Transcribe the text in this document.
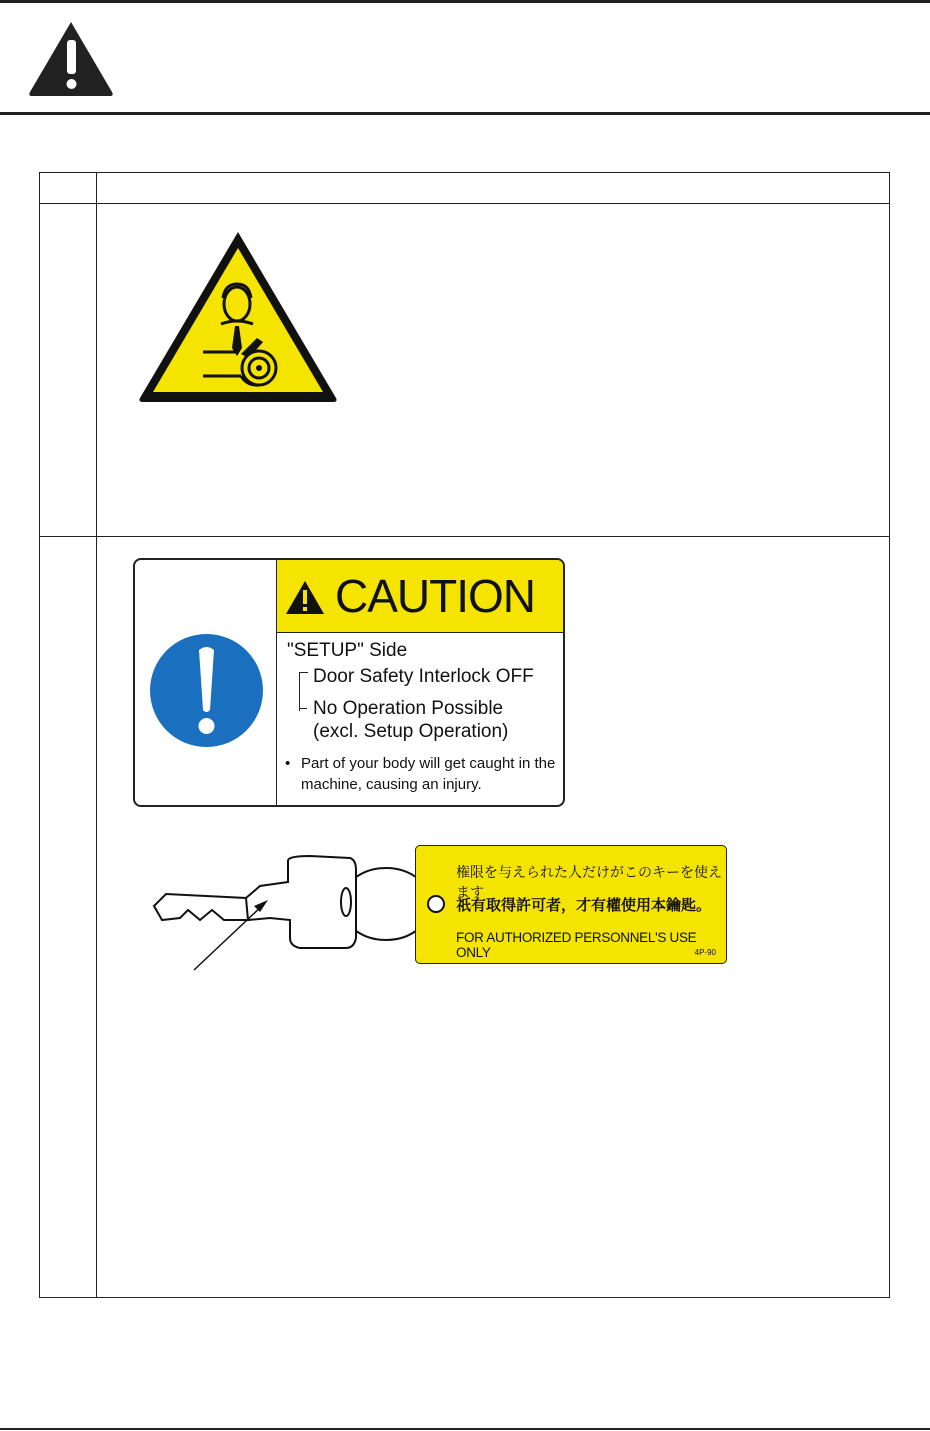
CAUTION
"SETUP" Side
Door Safety Interlock OFF
No Operation Possible
(excl. Setup Operation)
• Part of your body will get caught in the machine, causing an injury.
権限を与えられた人だけがこのキーを使えます
祇有取得許可者，才有權使用本鑰匙。
FOR AUTHORIZED PERSONNEL'S USE ONLY	4P-90
